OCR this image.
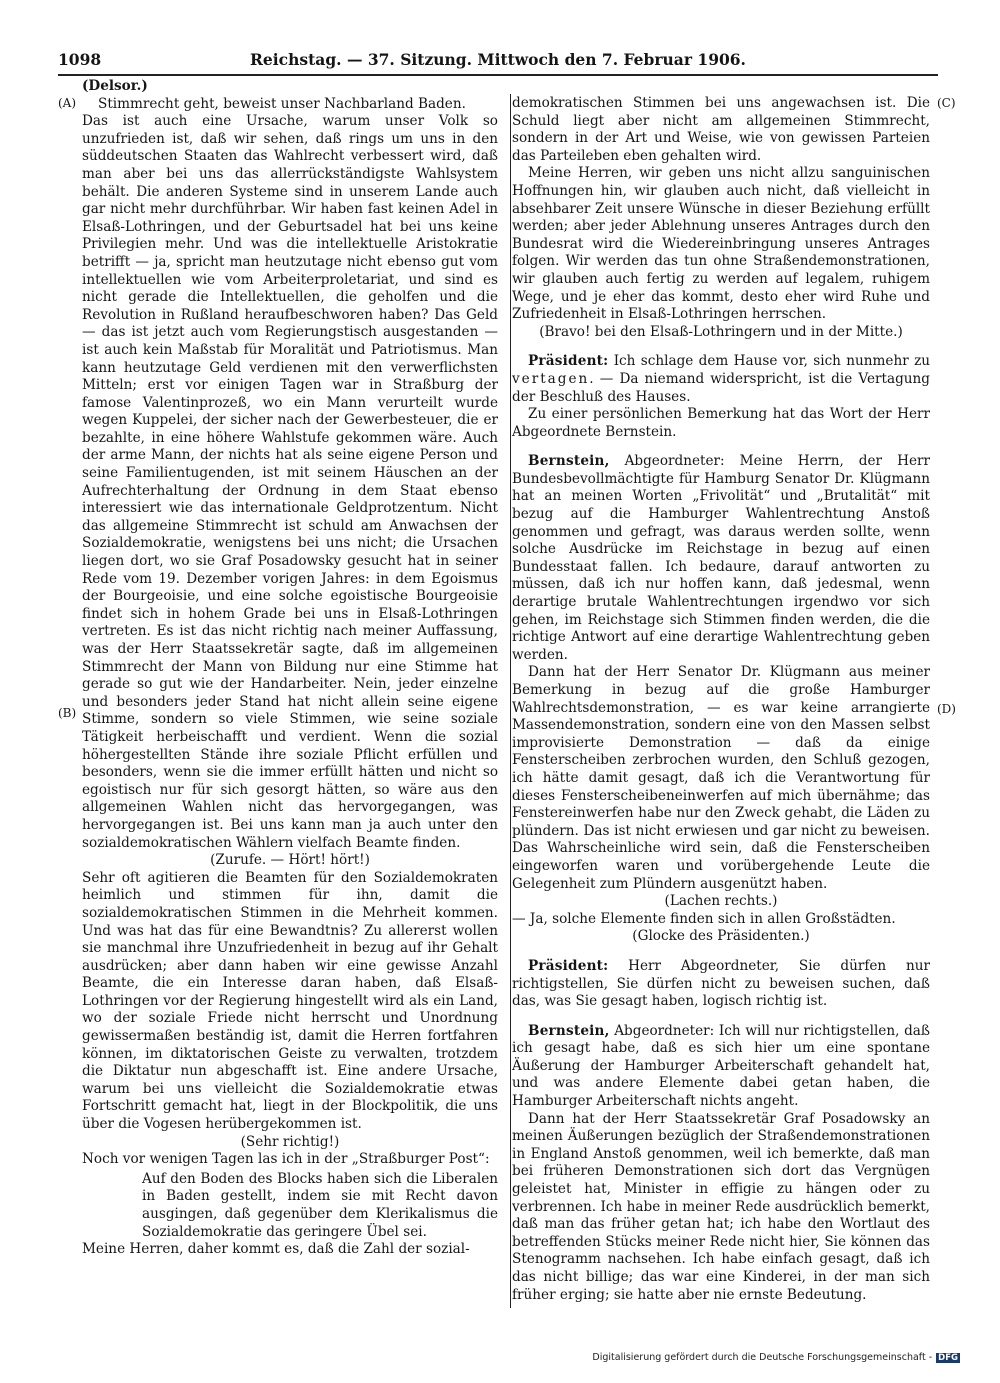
1098	Reichstag. — 37. Sitzung. Mittwoch den 7. Februar 1906.
(A)
(B)
(C)
(D)

(Delsor.)

Stimmrecht geht, beweist unser Nachbarland Baden.

Das ist auch eine Ursache, warum unser Volk so unzufrieden ist, daß wir sehen, daß rings um uns in den süddeutschen Staaten das Wahlrecht verbessert wird, daß man aber bei uns das allerrückständigste Wahlsystem behält. Die anderen Systeme sind in unserem Lande auch gar nicht mehr durchführbar. Wir haben fast keinen Adel in Elsaß-Lothringen, und der Geburtsadel hat bei uns keine Privilegien mehr. Und was die intellektuelle Aristokratie betrifft — ja, spricht man heutzutage nicht ebenso gut vom intellektuellen wie vom Arbeiterproletariat, und sind es nicht gerade die Intellektuellen, die geholfen und die Revolution in Rußland heraufbeschworen haben? Das Geld — das ist jetzt auch vom Regierungstisch ausgestanden — ist auch kein Maßstab für Moralität und Patriotismus. Man kann heutzutage Geld verdienen mit den verwerflichsten Mitteln; erst vor einigen Tagen war in Straßburg der famose Valentinprozeß, wo ein Mann verurteilt wurde wegen Kuppelei, der sicher nach der Gewerbesteuer, die er bezahlte, in eine höhere Wahlstufe gekommen wäre. Auch der arme Mann, der nichts hat als seine eigene Person und seine Familientugenden, ist mit seinem Häuschen an der Aufrechterhaltung der Ordnung in dem Staat ebenso interessiert wie das internationale Geldprotzentum. Nicht das allgemeine Stimmrecht ist schuld am Anwachsen der Sozialdemokratie, wenigstens bei uns nicht; die Ursachen liegen dort, wo sie Graf Posadowsky gesucht hat in seiner Rede vom 19. Dezember vorigen Jahres: in dem Egoismus der Bourgeoisie, und eine solche egoistische Bourgeoisie findet sich in hohem Grade bei uns in Elsaß-Lothringen vertreten. Es ist das nicht richtig nach meiner Auffassung, was der Herr Staatssekretär sagte, daß im allgemeinen Stimmrecht der Mann von Bildung nur eine Stimme hat gerade so gut wie der Handarbeiter. Nein, jeder einzelne und besonders jeder Stand hat nicht allein seine eigene Stimme, sondern so viele Stimmen, wie seine soziale Tätigkeit herbeischafft und verdient. Wenn die sozial höhergestellten Stände ihre soziale Pflicht erfüllen und besonders, wenn sie die immer erfüllt hätten und nicht so egoistisch nur für sich gesorgt hätten, so wäre aus den allgemeinen Wahlen nicht das hervorgegangen, was hervorgegangen ist. Bei uns kann man ja auch unter den sozialdemokratischen Wählern vielfach Beamte finden.

(Zurufe. — Hört! hört!)

Sehr oft agitieren die Beamten für den Sozialdemokraten heimlich und stimmen für ihn, damit die sozialdemokratischen Stimmen in die Mehrheit kommen. Und was hat das für eine Bewandtnis? Zu allererst wollen sie manchmal ihre Unzufriedenheit in bezug auf ihr Gehalt ausdrücken; aber dann haben wir eine gewisse Anzahl Beamte, die ein Interesse daran haben, daß Elsaß-Lothringen vor der Regierung hingestellt wird als ein Land, wo der soziale Friede nicht herrscht und Unordnung gewissermaßen beständig ist, damit die Herren fortfahren können, im diktatorischen Geiste zu verwalten, trotzdem die Diktatur nun abgeschafft ist. Eine andere Ursache, warum bei uns vielleicht die Sozialdemokratie etwas Fortschritt gemacht hat, liegt in der Blockpolitik, die uns über die Vogesen herübergekommen ist.

(Sehr richtig!)

Noch vor wenigen Tagen las ich in der „Straßburger Post“:

Auf den Boden des Blocks haben sich die Liberalen in Baden gestellt, indem sie mit Recht davon ausgingen, daß gegenüber dem Klerikalismus die Sozialdemokratie das geringere Übel sei.

Meine Herren, daher kommt es, daß die Zahl der sozial-

demokratischen Stimmen bei uns angewachsen ist. Die Schuld liegt aber nicht am allgemeinen Stimmrecht, sondern in der Art und Weise, wie von gewissen Parteien das Parteileben eben gehalten wird.

Meine Herren, wir geben uns nicht allzu sanguinischen Hoffnungen hin, wir glauben auch nicht, daß vielleicht in absehbarer Zeit unsere Wünsche in dieser Beziehung erfüllt werden; aber jeder Ablehnung unseres Antrages durch den Bundesrat wird die Wiedereinbringung unseres Antrages folgen. Wir werden das tun ohne Straßendemonstrationen, wir glauben auch fertig zu werden auf legalem, ruhigem Wege, und je eher das kommt, desto eher wird Ruhe und Zufriedenheit in Elsaß-Lothringen herrschen.

(Bravo! bei den Elsaß-Lothringern und in der Mitte.)

Präsident: Ich schlage dem Hause vor, sich nunmehr zu vertagen. — Da niemand widerspricht, ist die Vertagung der Beschluß des Hauses.

Zu einer persönlichen Bemerkung hat das Wort der Herr Abgeordnete Bernstein.

Bernstein, Abgeordneter: Meine Herrn, der Herr Bundesbevollmächtigte für Hamburg Senator Dr. Klügmann hat an meinen Worten „Frivolität“ und „Brutalität“ mit bezug auf die Hamburger Wahlentrechtung Anstoß genommen und gefragt, was daraus werden sollte, wenn solche Ausdrücke im Reichstage in bezug auf einen Bundesstaat fallen. Ich bedaure, darauf antworten zu müssen, daß ich nur hoffen kann, daß jedesmal, wenn derartige brutale Wahlentrechtungen irgendwo vor sich gehen, im Reichstage sich Stimmen finden werden, die die richtige Antwort auf eine derartige Wahlentrechtung geben werden.

Dann hat der Herr Senator Dr. Klügmann aus meiner Bemerkung in bezug auf die große Hamburger Wahlrechtsdemonstration, — es war keine arrangierte Massendemonstration, sondern eine von den Massen selbst improvisierte Demonstration — daß da einige Fensterscheiben zerbrochen wurden, den Schluß gezogen, ich hätte damit gesagt, daß ich die Verantwortung für dieses Fensterscheibeneinwerfen auf mich übernähme; das Fenstereinwerfen habe nur den Zweck gehabt, die Läden zu plündern. Das ist nicht erwiesen und gar nicht zu beweisen. Das Wahrscheinliche wird sein, daß die Fensterscheiben eingeworfen waren und vorübergehende Leute die Gelegenheit zum Plündern ausgenützt haben.

(Lachen rechts.)

— Ja, solche Elemente finden sich in allen Großstädten.

(Glocke des Präsidenten.)

Präsident: Herr Abgeordneter, Sie dürfen nur richtigstellen, Sie dürfen nicht zu beweisen suchen, daß das, was Sie gesagt haben, logisch richtig ist.

Bernstein, Abgeordneter: Ich will nur richtigstellen, daß ich gesagt habe, daß es sich hier um eine spontane Äußerung der Hamburger Arbeiterschaft gehandelt hat, und was andere Elemente dabei getan haben, die Hamburger Arbeiterschaft nichts angeht.

Dann hat der Herr Staatssekretär Graf Posadowsky an meinen Äußerungen bezüglich der Straßendemonstrationen in England Anstoß genommen, weil ich bemerkte, daß man bei früheren Demonstrationen sich dort das Vergnügen geleistet hat, Minister in effigie zu hängen oder zu verbrennen. Ich habe in meiner Rede ausdrücklich bemerkt, daß man das früher getan hat; ich habe den Wortlaut des betreffenden Stücks meiner Rede nicht hier, Sie können das Stenogramm nachsehen. Ich habe einfach gesagt, daß ich das nicht billige; das war eine Kinderei, in der man sich früher erging; sie hatte aber nie ernste Bedeutung.

Digitalisierung gefördert durch die Deutsche Forschungsgemeinschaft - DFG
